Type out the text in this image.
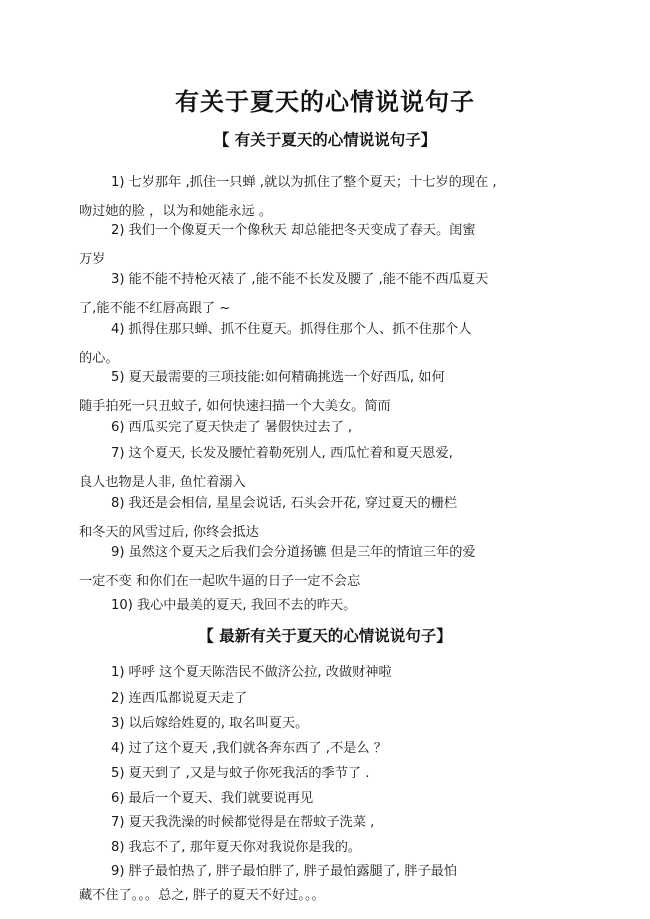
有关于夏天的心情说说句子
【 有关于夏天的心情说说句子】
1) 七岁那年 ,抓住一只蝉 ,就以为抓住了整个夏天；十七岁的现在 ,
吻过她的脸 ，以为和她能永远 。
2) 我们一个像夏天一个像秋天 却总能把冬天变成了春天。闺蜜
万岁
3) 能不能不持枪灭裱了 ,能不能不长发及腰了 ,能不能不西瓜夏天
了,能不能不红唇高跟了 ~
4) 抓得住那只蝉、抓不住夏天。抓得住那个人、抓不住那个人
的心。
5) 夏天最需要的三项技能:如何精确挑选一个好西瓜, 如何
随手拍死一只丑蚊子, 如何快速扫描一个大美女。简而
6) 西瓜买完了夏天快走了 暑假快过去了 ,
7) 这个夏天, 长发及腰忙着勒死别人, 西瓜忙着和夏天恩爱,
良人也物是人非, 鱼忙着溺入
8) 我还是会相信, 星星会说话, 石头会开花, 穿过夏天的栅栏
和冬天的风雪过后, 你终会抵达
9) 虽然这个夏天之后我们会分道扬镳 但是三年的情谊三年的爱
一定不变 和你们在一起吹牛逼的日子一定不会忘
10) 我心中最美的夏天, 我回不去的昨天。
【 最新有关于夏天的心情说说句子】
1) 呼呼 这个夏天陈浩民不做济公拉, 改做财神啦
2) 连西瓜都说夏天走了
3) 以后嫁给姓夏的, 取名叫夏天。
4) 过了这个夏天 ,我们就各奔东西了 ,不是么 ？
5) 夏天到了 ,又是与蚊子你死我活的季节了 .
6) 最后一个夏天、我们就要说再见
7) 夏天我洗澡的时候都觉得是在帮蚊子洗菜 ,
8) 我忘不了, 那年夏天你对我说你是我的。
9) 胖子最怕热了, 胖子最怕胖了, 胖子最怕露腿了, 胖子最怕
藏不住了。。。总之, 胖子的夏天不好过。。。
